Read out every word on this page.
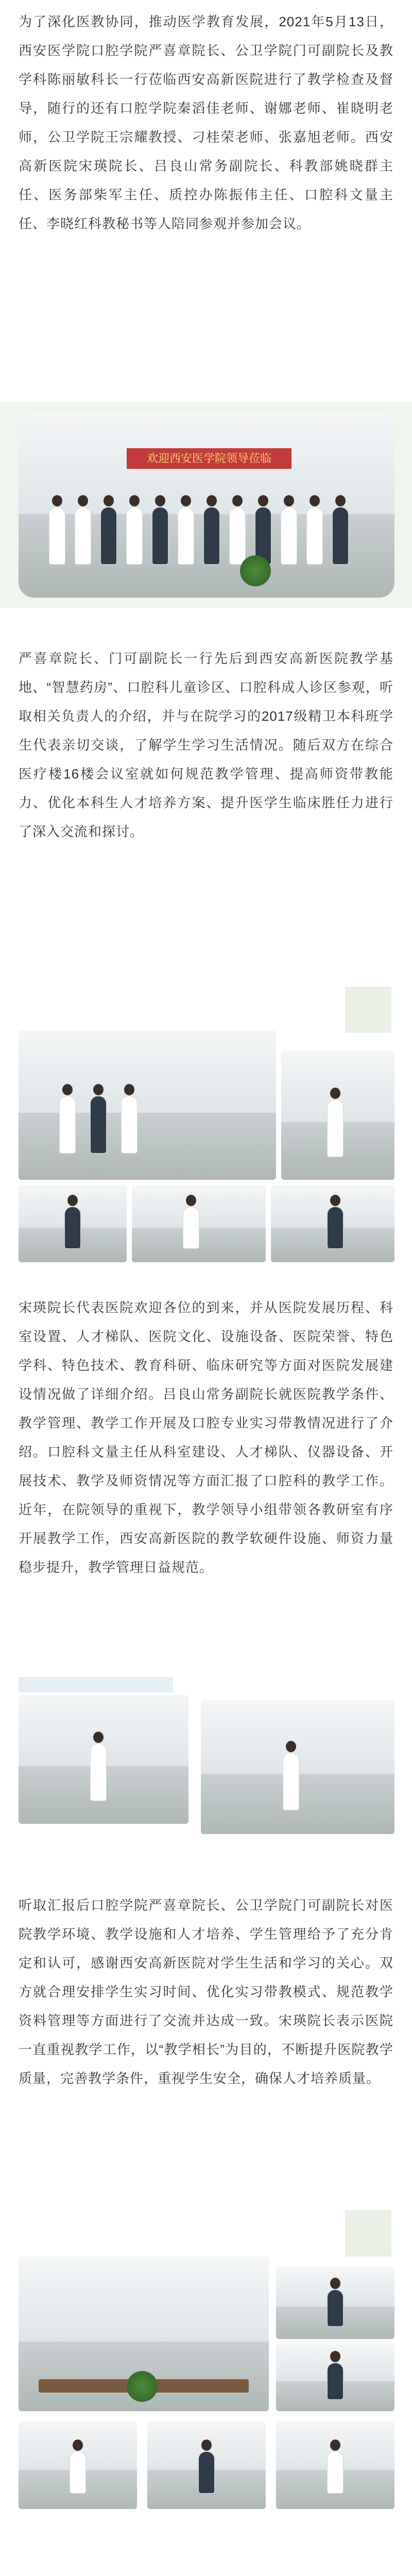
为了深化医教协同，推动医学教育发展，2021年5月13日，西安医学院口腔学院严喜章院长、公卫学院门可副院长及教学科陈丽敏科长一行莅临西安高新医院进行了教学检查及督导，随行的还有口腔学院秦滔佳老师、谢娜老师、崔晓明老师，公卫学院王宗耀教授、刁桂荣老师、张嘉旭老师。西安高新医院宋瑛院长、吕良山常务副院长、科教部姚晓群主任、医务部柴军主任、质控办陈振伟主任、口腔科文量主任、李晓红科教秘书等人陪同参观并参加会议。

欢迎西安医学院领导莅临

严喜章院长、门可副院长一行先后到西安高新医院教学基地、“智慧药房”、口腔科儿童诊区、口腔科成人诊区参观，听取相关负责人的介绍，并与在院学习的2017级精卫本科班学生代表亲切交谈，了解学生学习生活情况。随后双方在综合医疗楼16楼会议室就如何规范教学管理、提高师资带教能力、优化本科生人才培养方案、提升医学生临床胜任力进行了深入交流和探讨。

宋瑛院长代表医院欢迎各位的到来，并从医院发展历程、科室设置、人才梯队、医院文化、设施设备、医院荣誉、特色学科、特色技术、教育科研、临床研究等方面对医院发展建设情况做了详细介绍。吕良山常务副院长就医院教学条件、教学管理、教学工作开展及口腔专业实习带教情况进行了介绍。口腔科文量主任从科室建设、人才梯队、仪器设备、开展技术、教学及师资情况等方面汇报了口腔科的教学工作。近年，在院领导的重视下，教学领导小组带领各教研室有序开展教学工作，西安高新医院的教学软硬件设施、师资力量稳步提升，教学管理日益规范。

听取汇报后口腔学院严喜章院长、公卫学院门可副院长对医院教学环境、教学设施和人才培养、学生管理给予了充分肯定和认可，感谢西安高新医院对学生生活和学习的关心。双方就合理安排学生实习时间、优化实习带教模式、规范教学资料管理等方面进行了交流并达成一致。宋瑛院长表示医院一直重视教学工作，以“教学相长”为目的，不断提升医院教学质量，完善教学条件，重视学生安全，确保人才培养质量。
